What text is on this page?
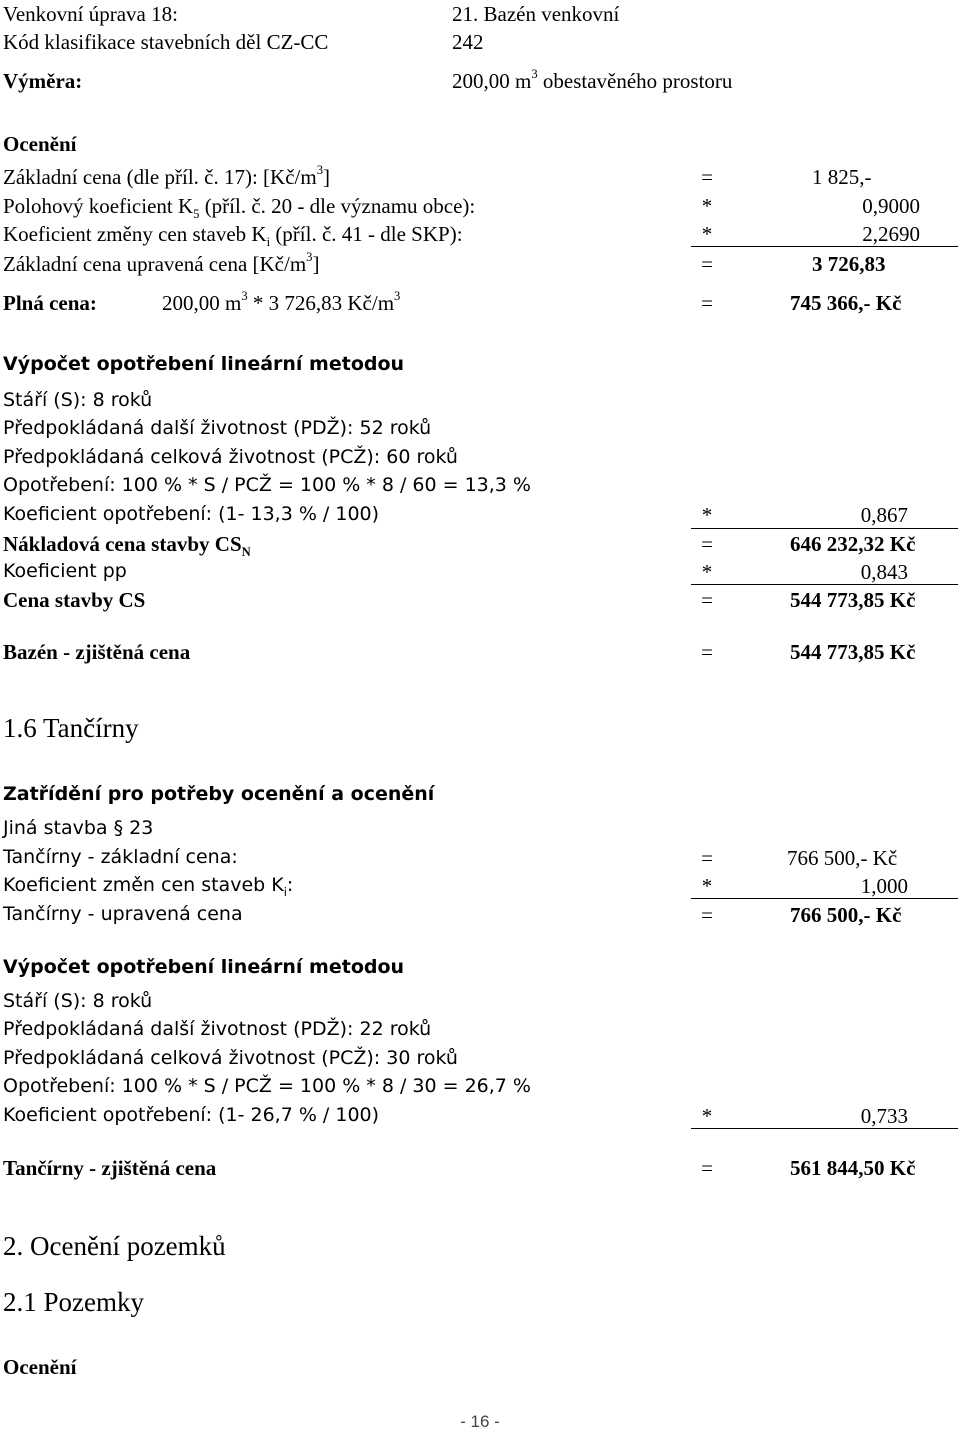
Venkovní úprava 18:	21. Bazén venkovní
Kód klasifikace stavebních děl CZ-CC	242
Výměra:	200,00 $m^3$ obestavěného prostoru
Ocenění
Základní cena (dle příl. č. 17): $[Kč/m^3]$	=	1 825,-
Polohový koeficient $K_5$ (příl. č. 20 - dle významu obce):	*	0,9000
Koeficient změny cen staveb $K_i$ (příl. č. 41 - dle SKP):	*	2,2690
Základní cena upravená cena $[Kč/m^3]$	=	3 726,83
Plná cena:	200,00 $m^3 * 3$ 726,83 $Kč/m^3$	=	745 366,- Kč
Výpočet opotřebení lineární metodou
Stáří (S): 8 roků
Předpokládaná další životnost (PDŽ): 52 roků
Předpokládaná celková životnost (PCŽ): 60 roků
Opotřebení: 100 % * S / PCŽ = 100 % * 8 / 60 = 13,3 %
Koeficient opotřebení: (1- 13,3 % / 100)	*	0,867
Nákladová cena stavby $CS_N$	=	646 232,32 Kč
Koeficient pp	*	0,843
Cena stavby CS	=	544 773,85 Kč
Bazén - zjištěná cena	=	544 773,85 Kč
1.6 Tančírny
Zatřídění pro potřeby ocenění a ocenění
Jiná stavba § 23
Tančírny - základní cena:	=	766 500,- Kč
Koeficient změn cen staveb $K_i$:	*	1,000
Tančírny - upravená cena	=	766 500,- Kč
Výpočet opotřebení lineární metodou
Stáří (S): 8 roků
Předpokládaná další životnost (PDŽ): 22 roků
Předpokládaná celková životnost (PCŽ): 30 roků
Opotřebení: 100 % * S / PCŽ = 100 % * 8 / 30 = 26,7 %
Koeficient opotřebení: (1- 26,7 % / 100)	*	0,733
Tančírny - zjištěná cena	=	561 844,50 Kč
2. Ocenění pozemků
2.1 Pozemky
Ocenění
- 16 -
